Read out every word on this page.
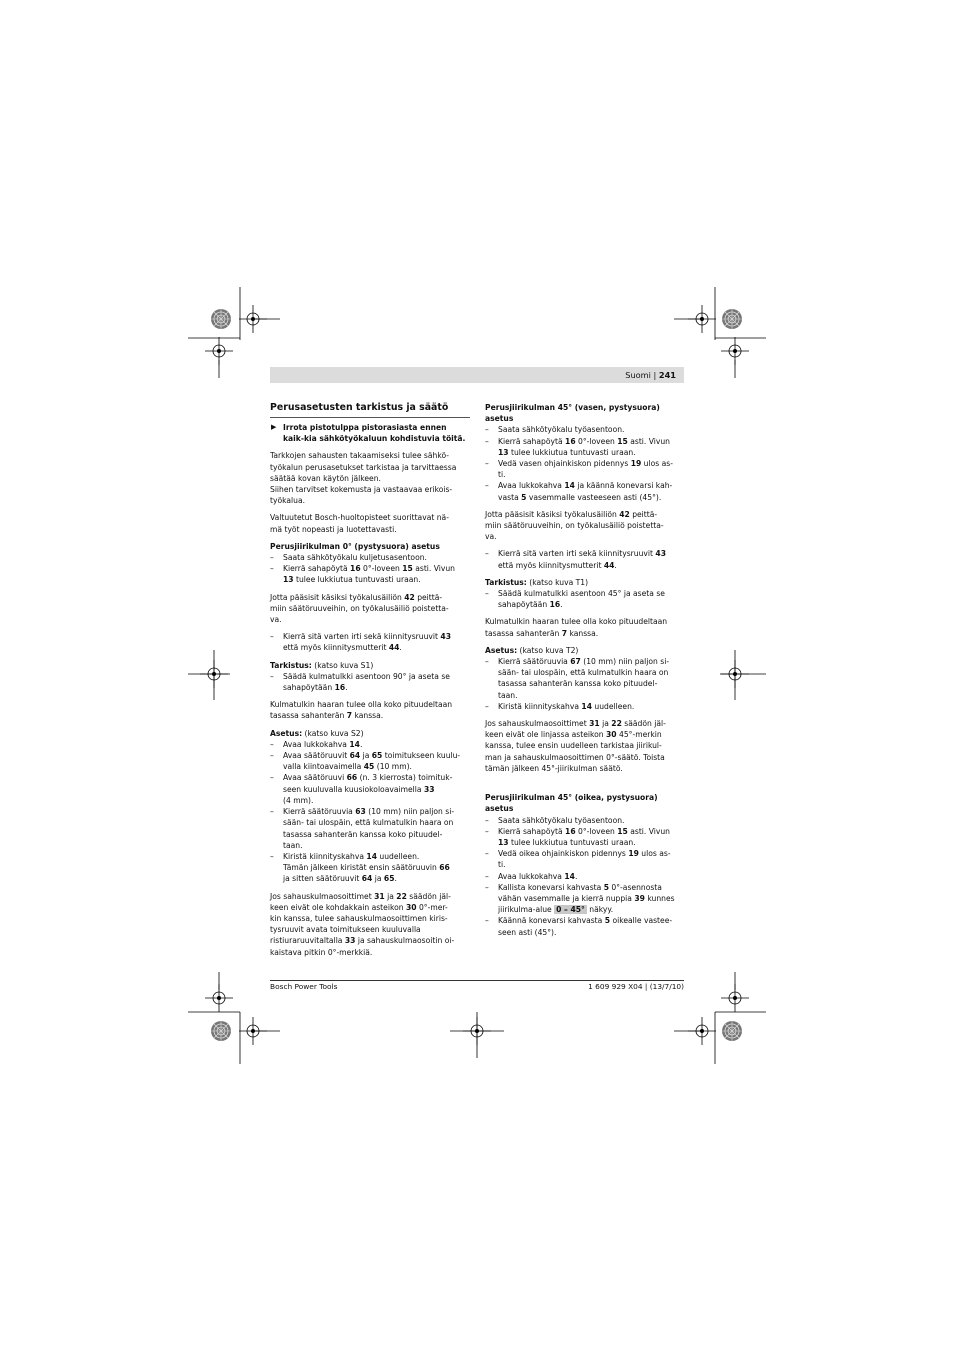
Suomi | 241
Perusasetusten tarkistus ja säätö
▶ Irrota pistotulppa pistorasiasta ennen kaik-kia sähkötyökaluun kohdistuvia töitä.
Tarkkojen sahausten takaamiseksi tulee sähkö-
työkalun perusasetukset tarkistaa ja tarvittaessa
säätää kovan käytön jälkeen.
Siihen tarvitset kokemusta ja vastaavaa erikois-
työkalua.
Valtuutetut Bosch-huoltopisteet suorittavat nä-
mä työt nopeasti ja luotettavasti.
Perusjiirikulman 0° (pystysuora) asetus
– Saata sähkötyökalu kuljetusasentoon.
– Kierrä sahapöytä 16 0°-loveen 15 asti. Vivun
13 tulee lukkiutua tuntuvasti uraan.
Jotta pääsisit käsiksi työkalusäiliön 42 peittä-
miin säätöruuveihin, on työkalusäiliö poistetta-
va.
– Kierrä sitä varten irti sekä kiinnitysruuvit 43
että myös kiinnitysmutterit 44.
Tarkistus: (katso kuva S1)
– Säädä kulmatulkki asentoon 90° ja aseta se
sahapöytään 16.
Kulmatulkin haaran tulee olla koko pituudeltaan
tasassa sahanterän 7 kanssa.
Asetus: (katso kuva S2)
– Avaa lukkokahva 14.
– Avaa säätöruuvit 64 ja 65 toimitukseen kuulu-
valla kiintoavaimella 45 (10 mm).
– Avaa säätöruuvi 66 (n. 3 kierrosta) toimituk-
seen kuuluvalla kuusiokoloavaimella 33
(4 mm).
– Kierrä säätöruuvia 63 (10 mm) niin paljon si-
sään- tai ulospäin, että kulmatulkin haara on
tasassa sahanterän kanssa koko pituudel-
taan.
– Kiristä kiinnityskahva 14 uudelleen.
Tämän jälkeen kiristät ensin säätöruuvin 66
ja sitten säätöruuvit 64 ja 65.
Jos sahauskulmaosoittimet 31 ja 22 säädön jäl-
keen eivät ole kohdakkain asteikon 30 0°-mer-
kin kanssa, tulee sahauskulmaosoittimen kiris-
tysruuvit avata toimitukseen kuuluvalla
ristiuraruuvitaltalla 33 ja sahauskulmaosoitin oi-
kaistava pitkin 0°-merkkiä.
Perusjiirikulman 45° (vasen, pystysuora)
asetus
– Saata sähkötyökalu työasentoon.
– Kierrä sahapöytä 16 0°-loveen 15 asti. Vivun
13 tulee lukkiutua tuntuvasti uraan.
– Vedä vasen ohjainkiskon pidennys 19 ulos as-
ti.
– Avaa lukkokahva 14 ja käännä konevarsi kah-
vasta 5 vasemmalle vasteeseen asti (45°).
Jotta pääsisit käsiksi työkalusäiliön 42 peittä-
miin säätöruuveihin, on työkalusäiliö poistetta-
va.
– Kierrä sitä varten irti sekä kiinnitysruuvit 43
että myös kiinnitysmutterit 44.
Tarkistus: (katso kuva T1)
– Säädä kulmatulkki asentoon 45° ja aseta se
sahapöytään 16.
Kulmatulkin haaran tulee olla koko pituudeltaan
tasassa sahanterän 7 kanssa.
Asetus: (katso kuva T2)
– Kierrä säätöruuvia 67 (10 mm) niin paljon si-
sään- tai ulospäin, että kulmatulkin haara on
tasassa sahanterän kanssa koko pituudel-
taan.
– Kiristä kiinnityskahva 14 uudelleen.
Jos sahauskulmaosoittimet 31 ja 22 säädön jäl-
keen eivät ole linjassa asteikon 30 45°-merkin
kanssa, tulee ensin uudelleen tarkistaa jiirikul-
man ja sahauskulmaosoittimen 0°-säätö. Toista
tämän jälkeen 45°-jiirikulman säätö.
Perusjiirikulman 45° (oikea, pystysuora)
asetus
– Saata sähkötyökalu työasentoon.
– Kierrä sahapöytä 16 0°-loveen 15 asti. Vivun
13 tulee lukkiutua tuntuvasti uraan.
– Vedä oikea ohjainkiskon pidennys 19 ulos as-
ti.
– Avaa lukkokahva 14.
– Kallista konevarsi kahvasta 5 0°-asennosta
vähän vasemmalle ja kierrä nuppia 39 kunnes
jiirikulma-alue 0 – 45° näkyy.
– Käännä konevarsi kahvasta 5 oikealle vastee-
seen asti (45°).
Bosch Power Tools	1 609 929 X04 | (13/7/10)
